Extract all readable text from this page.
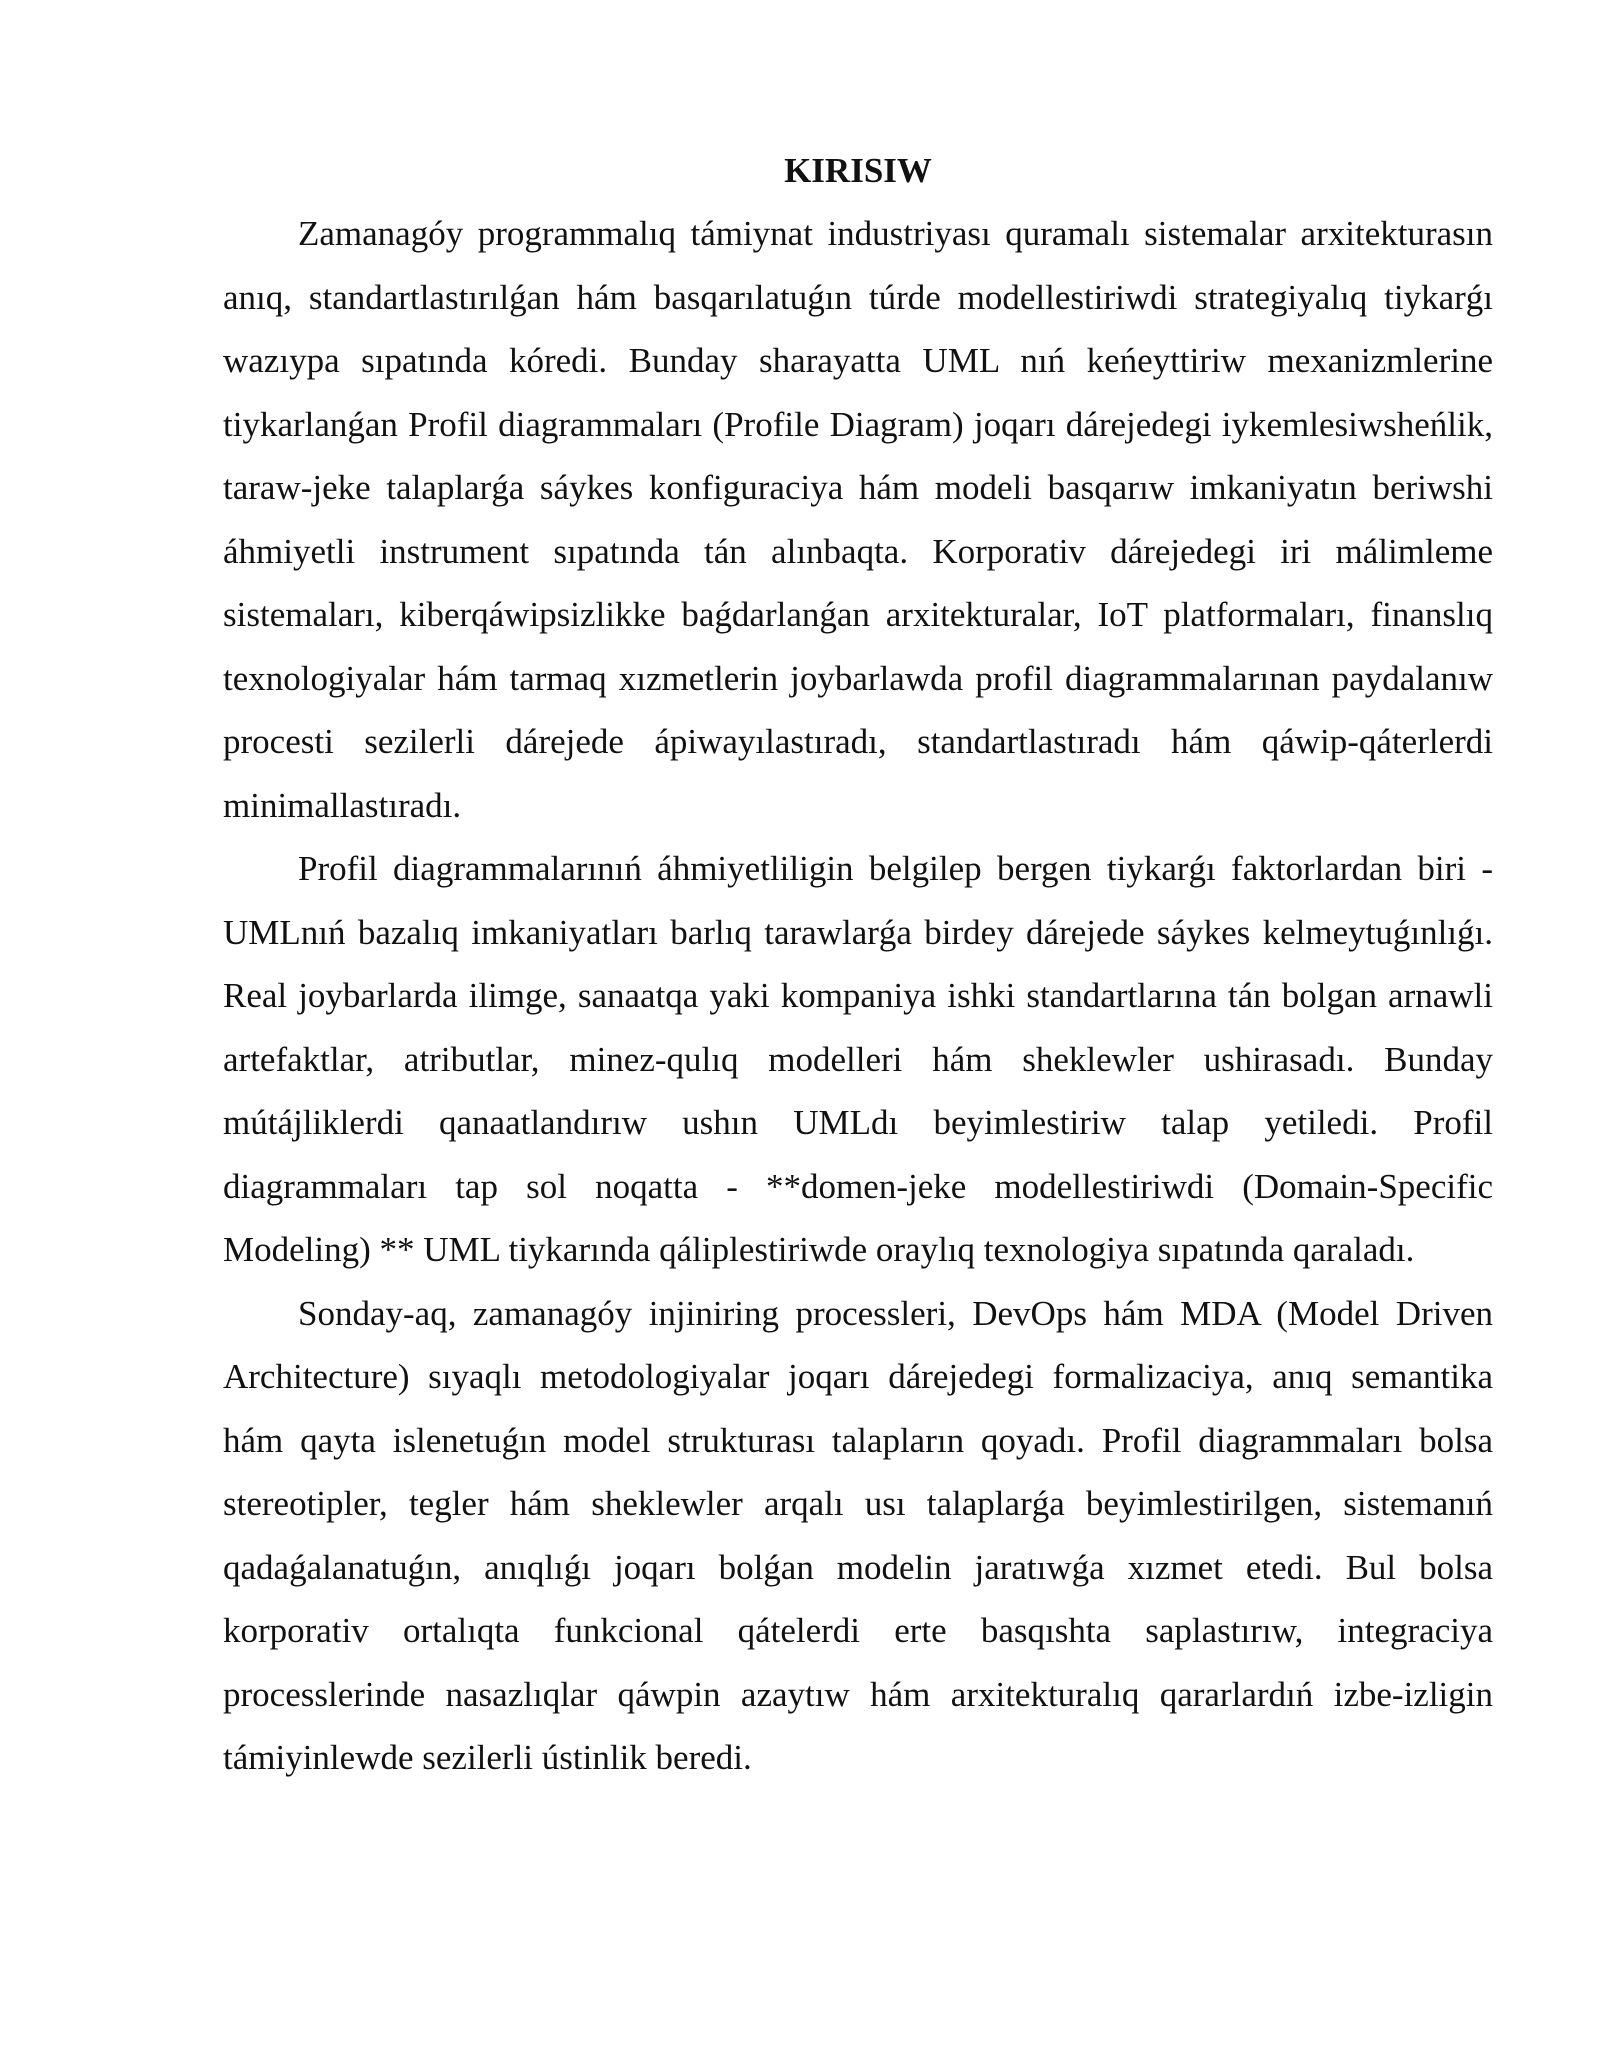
KIRISIW

Zamanagóy programmalıq támiynat industriyası quramalı sistemalar arxitekturasın anıq, standartlastırılǵan hám basqarılatuǵın túrde modellestiriwdi strategiyalıq tiykarǵı wazıypa sıpatında kóredi. Bunday sharayatta UML nıń keńeyttiriw mexanizmlerine tiykarlanǵan Profil diagrammaları (Profile Diagram) joqarı dárejedegi iykemlesiwsheńlik, taraw-jeke talaplarǵa sáykes konfiguraciya hám modeli basqarıw imkaniyatın beriwshi áhmiyetli instrument sıpatında tán alınbaqta. Korporativ dárejedegi iri málimleme sistemaları, kiberqáwipsizlikke baǵdarlanǵan arxitekturalar, IoT platformaları, finanslıq texnologiyalar hám tarmaq xızmetlerin joybarlawda profil diagrammalarınan paydalanıw procesti sezilerli dárejede ápiwayılastıradı, standartlastıradı hám qáwip-qáterlerdi minimallastıradı.

Profil diagrammalarınıń áhmiyetliligin belgilep bergen tiykarǵı faktorlardan biri - UMLnıń bazalıq imkaniyatları barlıq tarawlarǵa birdey dárejede sáykes kelmeytuǵınlıǵı. Real joybarlarda ilimge, sanaatqa yaki kompaniya ishki standartlarına tán bolgan arnawli artefaktlar, atributlar, minez-qulıq modelleri hám sheklewler ushirasadı. Bunday mútájliklerdi qanaatlandırıw ushın UMLdı beyimlestiriw talap yetiledi. Profil diagrammaları tap sol noqatta - **domen-jeke modellestiriwdi (Domain-Specific Modeling) ** UML tiykarında qáliplestiriwde oraylıq texnologiya sıpatında qaraladı.

Sonday-aq, zamanagóy injiniring processleri, DevOps hám MDA (Model Driven Architecture) sıyaqlı metodologiyalar joqarı dárejedegi formalizaciya, anıq semantika hám qayta islenetuǵın model strukturası talapların qoyadı. Profil diagrammaları bolsa stereotipler, tegler hám sheklewler arqalı usı talaplarǵa beyimlestirilgen, sistemanıń qadaǵalanatuǵın, anıqlıǵı joqarı bolǵan modelin jaratıwǵa xızmet etedi. Bul bolsa korporativ ortalıqta funkcional qátelerdi erte basqıshta saplastırıw, integraciya processlerinde nasazlıqlar qáwpin azaytıw hám arxitekturalıq qararlardıń izbe-izligin támiyinlewde sezilerli ústinlik beredi.
